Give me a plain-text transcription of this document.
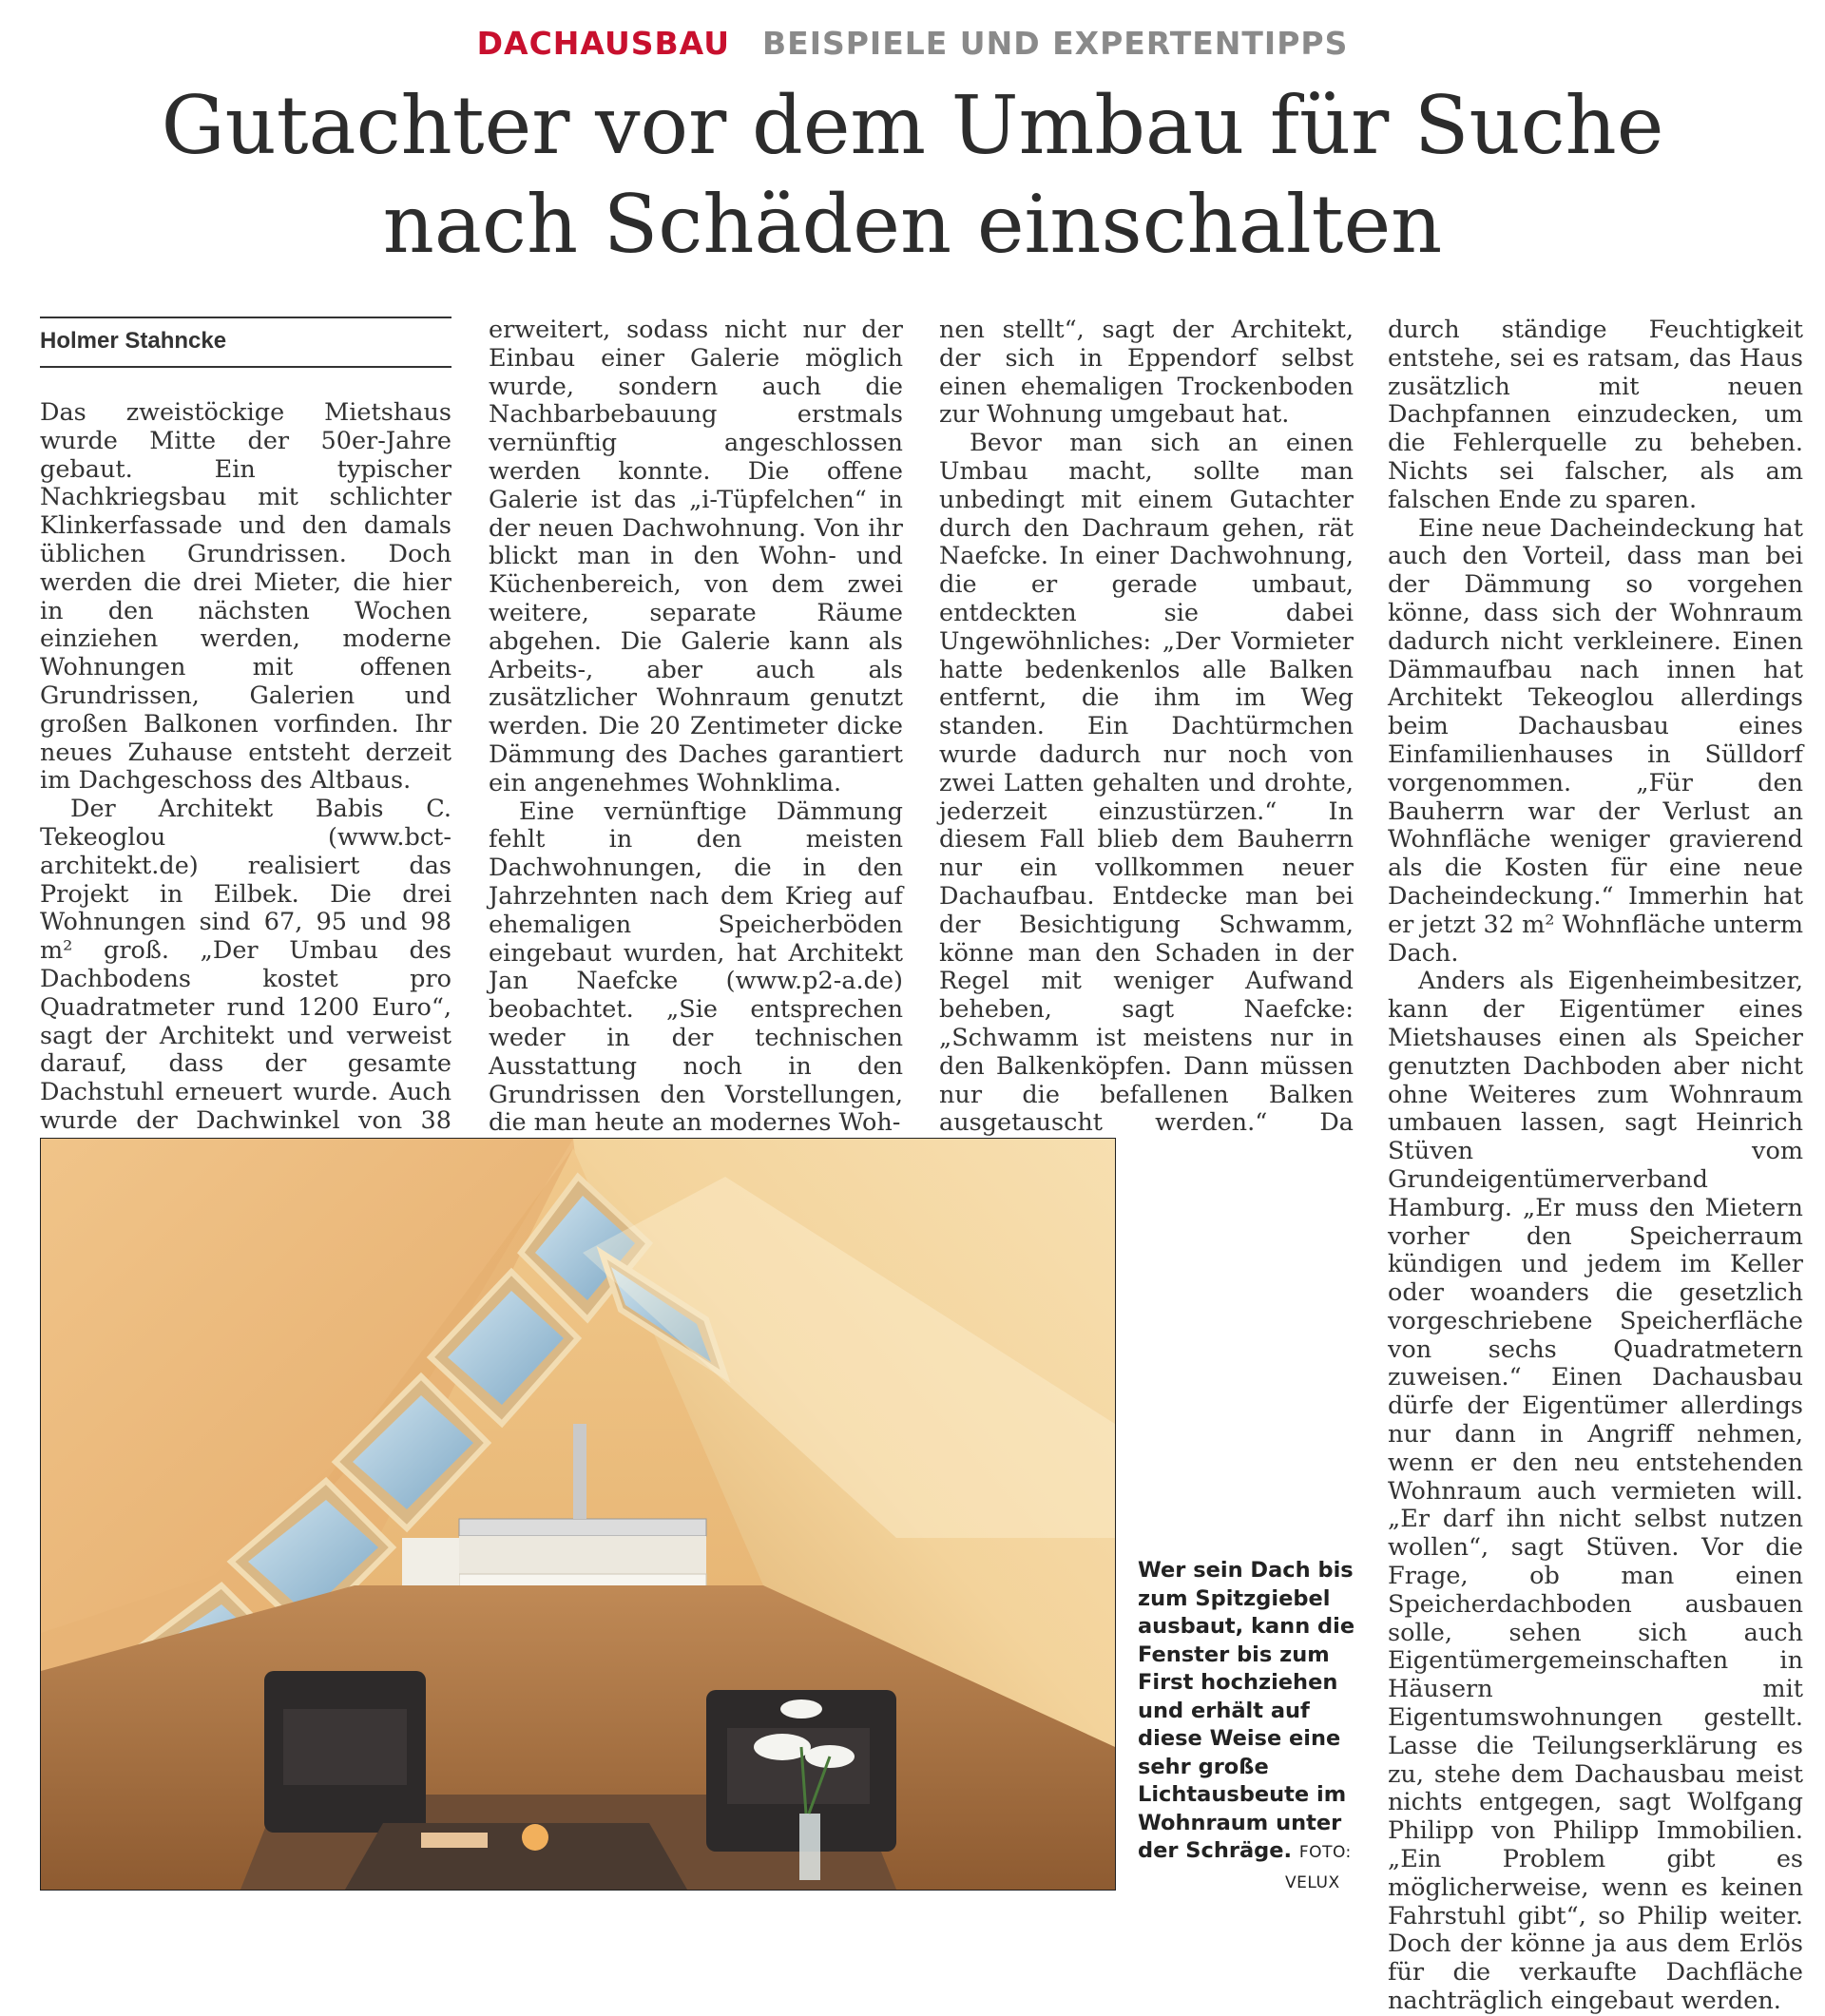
DACHAUSBAU BEISPIELE UND EXPERTENTIPPS
Gutachter vor dem Umbau für Suche
nach Schäden einschalten
Holmer Stahncke

Das zweistöckige Mietshaus wurde Mitte der 50er-Jahre gebaut. Ein typischer Nachkriegsbau mit schlichter Klinkerfassade und den damals üblichen Grundrissen. Doch werden die drei Mieter, die hier in den nächsten Wochen einziehen werden, moderne Wohnungen mit offenen Grundrissen, Galerien und großen Balkonen vorfinden. Ihr neues Zuhause entsteht derzeit im Dachgeschoss des Altbaus.

Der Architekt Babis C. Tekeoglou (www.bct-architekt.de) realisiert das Projekt in Eilbek. Die drei Wohnungen sind 67, 95 und 98 m² groß. „Der Umbau des Dachbodens kostet pro Quadratmeter rund 1200 Euro“, sagt der Architekt und verweist darauf, dass der gesamte Dachstuhl erneuert wurde. Auch wurde der Dachwinkel von 38

erweitert, sodass nicht nur der Einbau einer Galerie möglich wurde, sondern auch die Nachbarbebauung erstmals vernünftig angeschlossen werden konnte. Die offene Galerie ist das „i-Tüpfelchen“ in der neuen Dachwohnung. Von ihr blickt man in den Wohn- und Küchenbereich, von dem zwei weitere, separate Räume abgehen. Die Galerie kann als Arbeits-, aber auch als zusätzlicher Wohnraum genutzt werden. Die 20 Zentimeter dicke Dämmung des Daches garantiert ein angenehmes Wohnklima.

Eine vernünftige Dämmung fehlt in den meisten Dachwohnungen, die in den Jahrzehnten nach dem Krieg auf ehemaligen Speicherböden eingebaut wurden, hat Architekt Jan Naefcke (www.p2-a.de) beobachtet. „Sie entsprechen weder in der technischen Ausstattung noch in den Grundrissen den Vorstellungen, die man heute an modernes Woh-

nen stellt“, sagt der Architekt, der sich in Eppendorf selbst einen ehemaligen Trockenboden zur Wohnung umgebaut hat.

Bevor man sich an einen Umbau macht, sollte man unbedingt mit einem Gutachter durch den Dachraum gehen, rät Naefcke. In einer Dachwohnung, die er gerade umbaut, entdeckten sie dabei Ungewöhnliches: „Der Vormieter hatte bedenkenlos alle Balken entfernt, die ihm im Weg standen. Ein Dachtürmchen wurde dadurch nur noch von zwei Latten gehalten und drohte, jederzeit einzustürzen.“ In diesem Fall blieb dem Bauherrn nur ein vollkommen neuer Dachaufbau. Entdecke man bei der Besichtigung Schwamm, könne man den Schaden in der Regel mit weniger Aufwand beheben, sagt Naefcke: „Schwamm ist meistens nur in den Balkenköpfen. Dann müssen nur die befallenen Balken ausgetauscht werden.“ Da

durch ständige Feuchtigkeit entstehe, sei es ratsam, das Haus zusätzlich mit neuen Dachpfannen einzudecken, um die Fehlerquelle zu beheben. Nichts sei falscher, als am falschen Ende zu sparen.

Eine neue Dacheindeckung hat auch den Vorteil, dass man bei der Dämmung so vorgehen könne, dass sich der Wohnraum dadurch nicht verkleinere. Einen Dämmaufbau nach innen hat Architekt Tekeoglou allerdings beim Dachausbau eines Einfamilienhauses in Sülldorf vorgenommen. „Für den Bauherrn war der Verlust an Wohnfläche weniger gravierend als die Kosten für eine neue Dacheindeckung.“ Immerhin hat er jetzt 32 m² Wohnfläche unterm Dach.

Anders als Eigenheimbesitzer, kann der Eigentümer eines Mietshauses einen als Speicher genutzten Dachboden aber nicht ohne Weiteres zum Wohnraum umbauen lassen, sagt Heinrich Stüven vom Grundeigentümerverband Hamburg. „Er muss den Mietern vorher den Speicherraum kündigen und jedem im Keller oder woanders die gesetzlich vorgeschriebene Speicherfläche von sechs Quadratmetern zuweisen.“ Einen Dachausbau dürfe der Eigentümer allerdings nur dann in Angriff nehmen, wenn er den neu entstehenden Wohnraum auch vermieten will. „Er darf ihn nicht selbst nutzen wollen“, sagt Stüven. Vor die Frage, ob man einen Speicherdachboden ausbauen solle, sehen sich auch Eigentümergemeinschaften in Häusern mit Eigentumswohnungen gestellt. Lasse die Teilungserklärung es zu, stehe dem Dachausbau meist nichts entgegen, sagt Wolfgang Philipp von Philipp Immobilien. „Ein Problem gibt es möglicherweise, wenn es keinen Fahrstuhl gibt“, so Philip weiter. Doch der könne ja aus dem Erlös für die verkaufte Dachfläche nachträglich eingebaut werden.

Wer sein Dach bis zum Spitzgiebel ausbaut, kann die Fenster bis zum First hochziehen und erhält auf diese Weise eine sehr große Lichtausbeute im Wohnraum unter der Schräge. FOTO:
VELUX
